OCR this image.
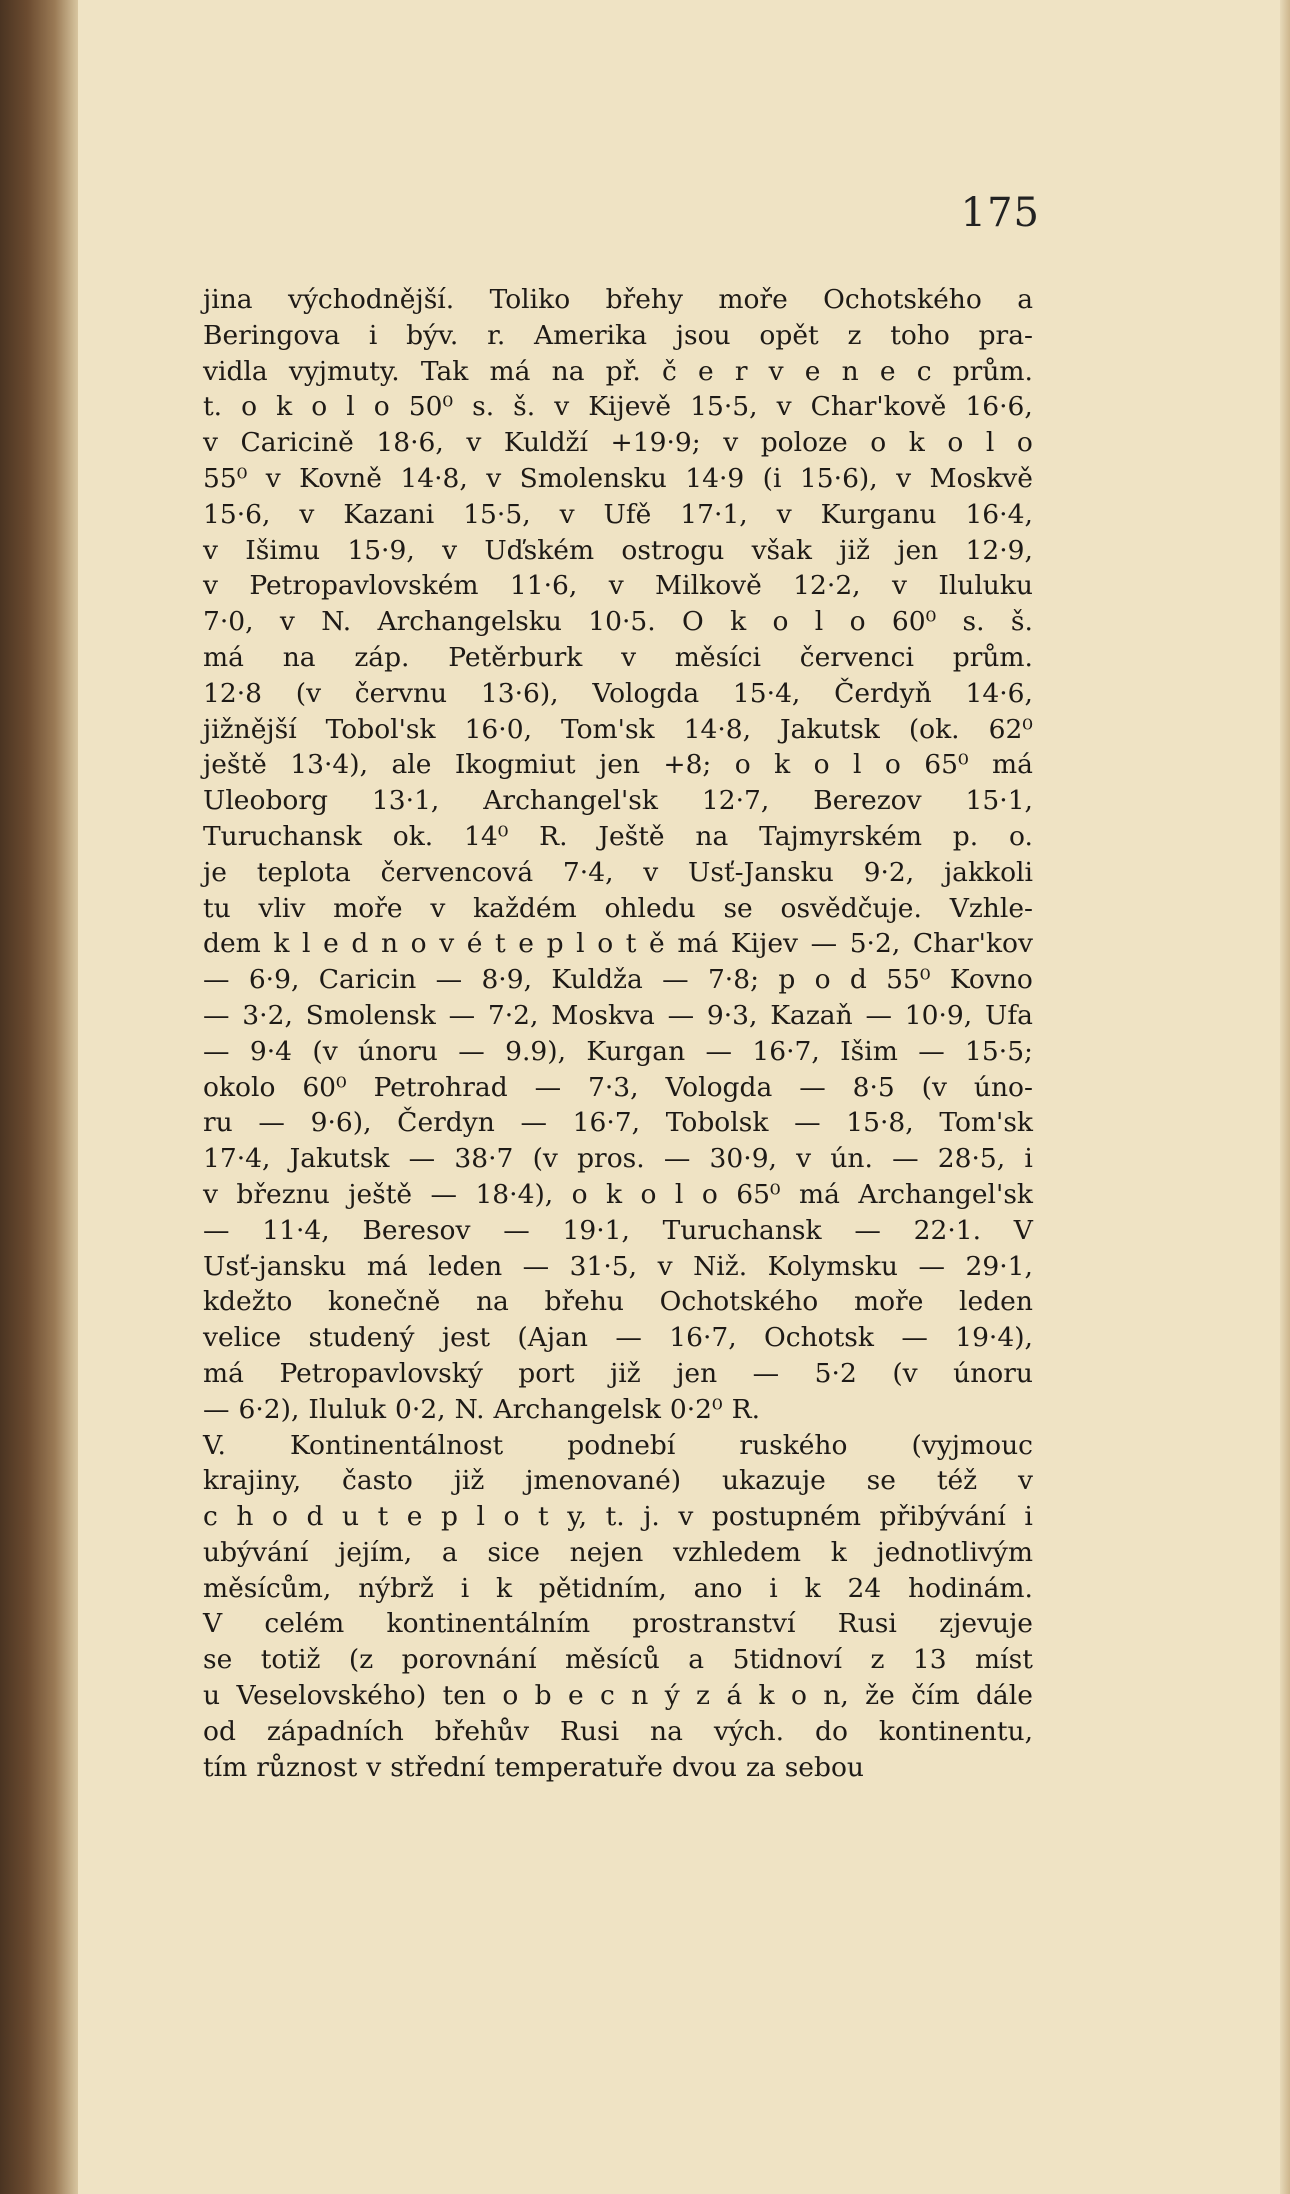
175
jina východnější. Toliko břehy moře Ochotského a
Beringova i býv. r. Amerika jsou opět z toho pra-
vidla vyjmuty. Tak má na př. č e r v e n e c prům.
t. o k o l o 50⁰ s. š. v Kijevě 15·5, v Char'kově 16·6,
v Caricině 18·6, v Kuldží +19·9; v poloze o k o l o
55⁰ v Kovně 14·8, v Smolensku 14·9 (i 15·6), v Moskvě
15·6, v Kazani 15·5, v Ufě 17·1, v Kurganu 16·4,
v Išimu 15·9, v Uďském ostrogu však již jen 12·9,
v Petropavlovském 11·6, v Milkově 12·2, v Iluluku
7·0, v N. Archangelsku 10·5. O k o l o 60⁰ s. š.
má na záp. Petěrburk v měsíci červenci prům.
12·8 (v červnu 13·6), Vologda 15·4, Čerdyň 14·6,
jižnější Tobol'sk 16·0, Tom'sk 14·8, Jakutsk (ok. 62⁰
ještě 13·4), ale Ikogmiut jen +8; o k o l o 65⁰ má
Uleoborg 13·1, Archangel'sk 12·7, Berezov 15·1,
Turuchansk ok. 14⁰ R. Ještě na Tajmyrském p. o.
je teplota červencová 7·4, v Usť-Jansku 9·2, jakkoli
tu vliv moře v každém ohledu se osvědčuje. Vzhle-
dem k l e d n o v é t e p l o t ě má Kijev — 5·2, Char'kov
— 6·9, Caricin — 8·9, Kuldža — 7·8; p o d 55⁰ Kovno
— 3·2, Smolensk — 7·2, Moskva — 9·3, Kazaň — 10·9, Ufa
— 9·4 (v únoru — 9.9), Kurgan — 16·7, Išim — 15·5;
okolo 60⁰ Petrohrad — 7·3, Vologda — 8·5 (v úno-
ru — 9·6), Čerdyn — 16·7, Tobolsk — 15·8, Tom'sk
17·4, Jakutsk — 38·7 (v pros. — 30·9, v ún. — 28·5, i
v březnu ještě — 18·4), o k o l o 65⁰ má Archangel'sk
— 11·4, Beresov — 19·1, Turuchansk — 22·1. V
Usť-jansku má leden — 31·5, v Niž. Kolymsku — 29·1,
kdežto konečně na břehu Ochotského moře leden
velice studený jest (Ajan — 16·7, Ochotsk — 19·4),
má Petropavlovský port již jen — 5·2 (v únoru
— 6·2), Iluluk 0·2, N. Archangelsk 0·2⁰ R.
V. Kontinentálnost podnebí ruského (vyjmouc
krajiny, často již jmenované) ukazuje se též v
c h o d u t e p l o t y, t. j. v postupném přibývání i
ubývání jejím, a sice nejen vzhledem k jednotlivým
měsícům, nýbrž i k pětidním, ano i k 24 hodinám.
V celém kontinentálním prostranství Rusi zjevuje
se totiž (z porovnání měsíců a 5tidnoví z 13 míst
u Veselovského) ten o b e c n ý z á k o n, že čím dále
od západních břehův Rusi na vých. do kontinentu,
tím různost v střední temperatuře dvou za sebou
